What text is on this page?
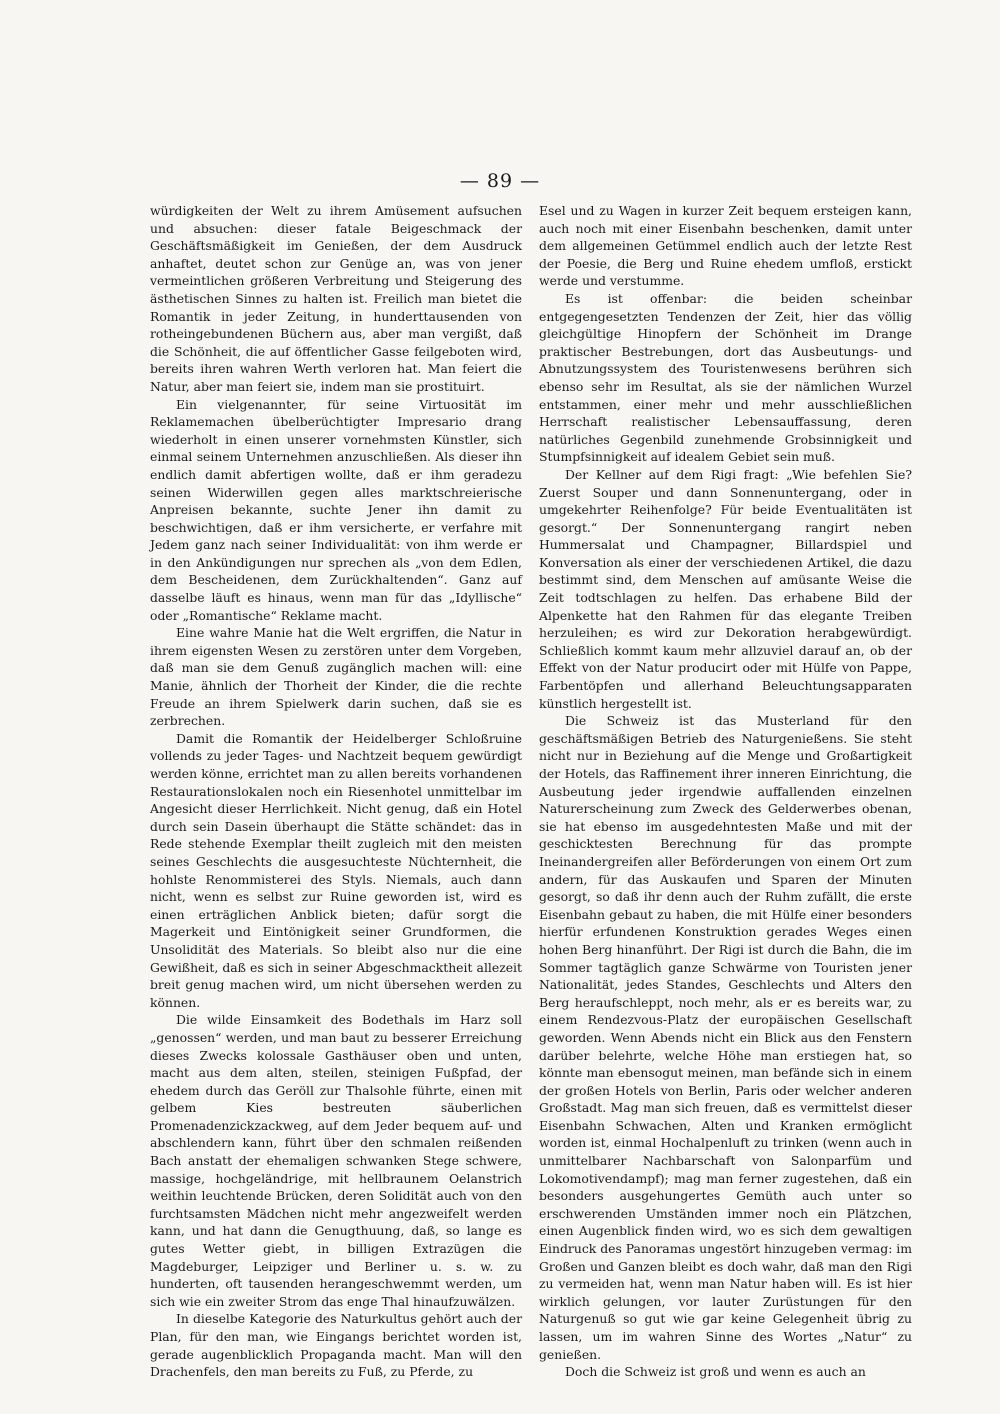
— 89 —

würdigkeiten der Welt zu ihrem Amüsement aufsuchen und absuchen: dieser fatale Beigeschmack der Geschäftsmäßigkeit im Genießen, der dem Ausdruck anhaftet, deutet schon zur Genüge an, was von jener vermeintlichen größeren Verbreitung und Steigerung des ästhetischen Sinnes zu halten ist. Freilich man bietet die Romantik in jeder Zeitung, in hunderttausenden von rotheingebundenen Büchern aus, aber man vergißt, daß die Schönheit, die auf öffentlicher Gasse feilgeboten wird, bereits ihren wahren Werth verloren hat. Man feiert die Natur, aber man feiert sie, indem man sie prostituirt.

Ein vielgenannter, für seine Virtuosität im Reklamemachen übelberüchtigter Impresario drang wiederholt in einen unserer vornehmsten Künstler, sich einmal seinem Unternehmen anzuschließen. Als dieser ihn endlich damit abfertigen wollte, daß er ihm geradezu seinen Widerwillen gegen alles marktschreierische Anpreisen bekannte, suchte Jener ihn damit zu beschwichtigen, daß er ihm versicherte, er verfahre mit Jedem ganz nach seiner Individualität: von ihm werde er in den Ankündigungen nur sprechen als „von dem Edlen, dem Bescheidenen, dem Zurückhaltenden“. Ganz auf dasselbe läuft es hinaus, wenn man für das „Idyllische“ oder „Romantische“ Reklame macht.

Eine wahre Manie hat die Welt ergriffen, die Natur in ihrem eigensten Wesen zu zerstören unter dem Vorgeben, daß man sie dem Genuß zugänglich machen will: eine Manie, ähnlich der Thorheit der Kinder, die die rechte Freude an ihrem Spielwerk darin suchen, daß sie es zerbrechen.

Damit die Romantik der Heidelberger Schloßruine vollends zu jeder Tages- und Nachtzeit bequem gewürdigt werden könne, errichtet man zu allen bereits vorhandenen Restaurationslokalen noch ein Riesenhotel unmittelbar im Angesicht dieser Herrlichkeit. Nicht genug, daß ein Hotel durch sein Dasein überhaupt die Stätte schändet: das in Rede stehende Exemplar theilt zugleich mit den meisten seines Geschlechts die ausgesuchteste Nüchternheit, die hohlste Renommisterei des Styls. Niemals, auch dann nicht, wenn es selbst zur Ruine geworden ist, wird es einen erträglichen Anblick bieten; dafür sorgt die Magerkeit und Eintönigkeit seiner Grundformen, die Unsolidität des Materials. So bleibt also nur die eine Gewißheit, daß es sich in seiner Abgeschmacktheit allezeit breit genug machen wird, um nicht übersehen werden zu können.

Die wilde Einsamkeit des Bodethals im Harz soll „genossen“ werden, und man baut zu besserer Erreichung dieses Zwecks kolossale Gasthäuser oben und unten, macht aus dem alten, steilen, steinigen Fußpfad, der ehedem durch das Geröll zur Thalsohle führte, einen mit gelbem Kies bestreuten säuberlichen Promenadenzickzackweg, auf dem Jeder bequem auf- und abschlendern kann, führt über den schmalen reißenden Bach anstatt der ehemaligen schwanken Stege schwere, massige, hochgeländrige, mit hellbraunem Oelanstrich weithin leuchtende Brücken, deren Solidität auch von den furchtsamsten Mädchen nicht mehr angezweifelt werden kann, und hat dann die Genugthuung, daß, so lange es gutes Wetter giebt, in billigen Extrazügen die Magdeburger, Leipziger und Berliner u. s. w. zu hunderten, oft tausenden herangeschwemmt werden, um sich wie ein zweiter Strom das enge Thal hinaufzuwälzen.

In dieselbe Kategorie des Naturkultus gehört auch der Plan, für den man, wie Eingangs berichtet worden ist, gerade augenblicklich Propaganda macht. Man will den Drachenfels, den man bereits zu Fuß, zu Pferde, zu

Esel und zu Wagen in kurzer Zeit bequem ersteigen kann, auch noch mit einer Eisenbahn beschenken, damit unter dem allgemeinen Getümmel endlich auch der letzte Rest der Poesie, die Berg und Ruine ehedem umfloß, erstickt werde und verstumme.

Es ist offenbar: die beiden scheinbar entgegengesetzten Tendenzen der Zeit, hier das völlig gleichgültige Hinopfern der Schönheit im Drange praktischer Bestrebungen, dort das Ausbeutungs- und Abnutzungssystem des Touristenwesens berühren sich ebenso sehr im Resultat, als sie der nämlichen Wurzel entstammen, einer mehr und mehr ausschließlichen Herrschaft realistischer Lebensauffassung, deren natürliches Gegenbild zunehmende Grobsinnigkeit und Stumpfsinnigkeit auf idealem Gebiet sein muß.

Der Kellner auf dem Rigi fragt: „Wie befehlen Sie? Zuerst Souper und dann Sonnenuntergang, oder in umgekehrter Reihenfolge? Für beide Eventualitäten ist gesorgt.“ Der Sonnenuntergang rangirt neben Hummersalat und Champagner, Billardspiel und Konversation als einer der verschiedenen Artikel, die dazu bestimmt sind, dem Menschen auf amüsante Weise die Zeit todtschlagen zu helfen. Das erhabene Bild der Alpenkette hat den Rahmen für das elegante Treiben herzuleihen; es wird zur Dekoration herabgewürdigt. Schließlich kommt kaum mehr allzuviel darauf an, ob der Effekt von der Natur producirt oder mit Hülfe von Pappe, Farbentöpfen und allerhand Beleuchtungsapparaten künstlich hergestellt ist.

Die Schweiz ist das Musterland für den geschäftsmäßigen Betrieb des Naturgenießens. Sie steht nicht nur in Beziehung auf die Menge und Großartigkeit der Hotels, das Raffinement ihrer inneren Einrichtung, die Ausbeutung jeder irgendwie auffallenden einzelnen Naturerscheinung zum Zweck des Gelderwerbes obenan, sie hat ebenso im ausgedehntesten Maße und mit der geschicktesten Berechnung für das prompte Ineinandergreifen aller Beförderungen von einem Ort zum andern, für das Auskaufen und Sparen der Minuten gesorgt, so daß ihr denn auch der Ruhm zufällt, die erste Eisenbahn gebaut zu haben, die mit Hülfe einer besonders hierfür erfundenen Konstruktion gerades Weges einen hohen Berg hinanführt. Der Rigi ist durch die Bahn, die im Sommer tagtäglich ganze Schwärme von Touristen jener Nationalität, jedes Standes, Geschlechts und Alters den Berg heraufschleppt, noch mehr, als er es bereits war, zu einem Rendezvous-Platz der europäischen Gesellschaft geworden. Wenn Abends nicht ein Blick aus den Fenstern darüber belehrte, welche Höhe man erstiegen hat, so könnte man ebensogut meinen, man befände sich in einem der großen Hotels von Berlin, Paris oder welcher anderen Großstadt. Mag man sich freuen, daß es vermittelst dieser Eisenbahn Schwachen, Alten und Kranken ermöglicht worden ist, einmal Hochalpenluft zu trinken (wenn auch in unmittelbarer Nachbarschaft von Salonparfüm und Lokomotivendampf); mag man ferner zugestehen, daß ein besonders ausgehungertes Gemüth auch unter so erschwerenden Umständen immer noch ein Plätzchen, einen Augenblick finden wird, wo es sich dem gewaltigen Eindruck des Panoramas ungestört hinzugeben vermag: im Großen und Ganzen bleibt es doch wahr, daß man den Rigi zu vermeiden hat, wenn man Natur haben will. Es ist hier wirklich gelungen, vor lauter Zurüstungen für den Naturgenuß so gut wie gar keine Gelegenheit übrig zu lassen, um im wahren Sinne des Wortes „Natur“ zu genießen.

Doch die Schweiz ist groß und wenn es auch an
